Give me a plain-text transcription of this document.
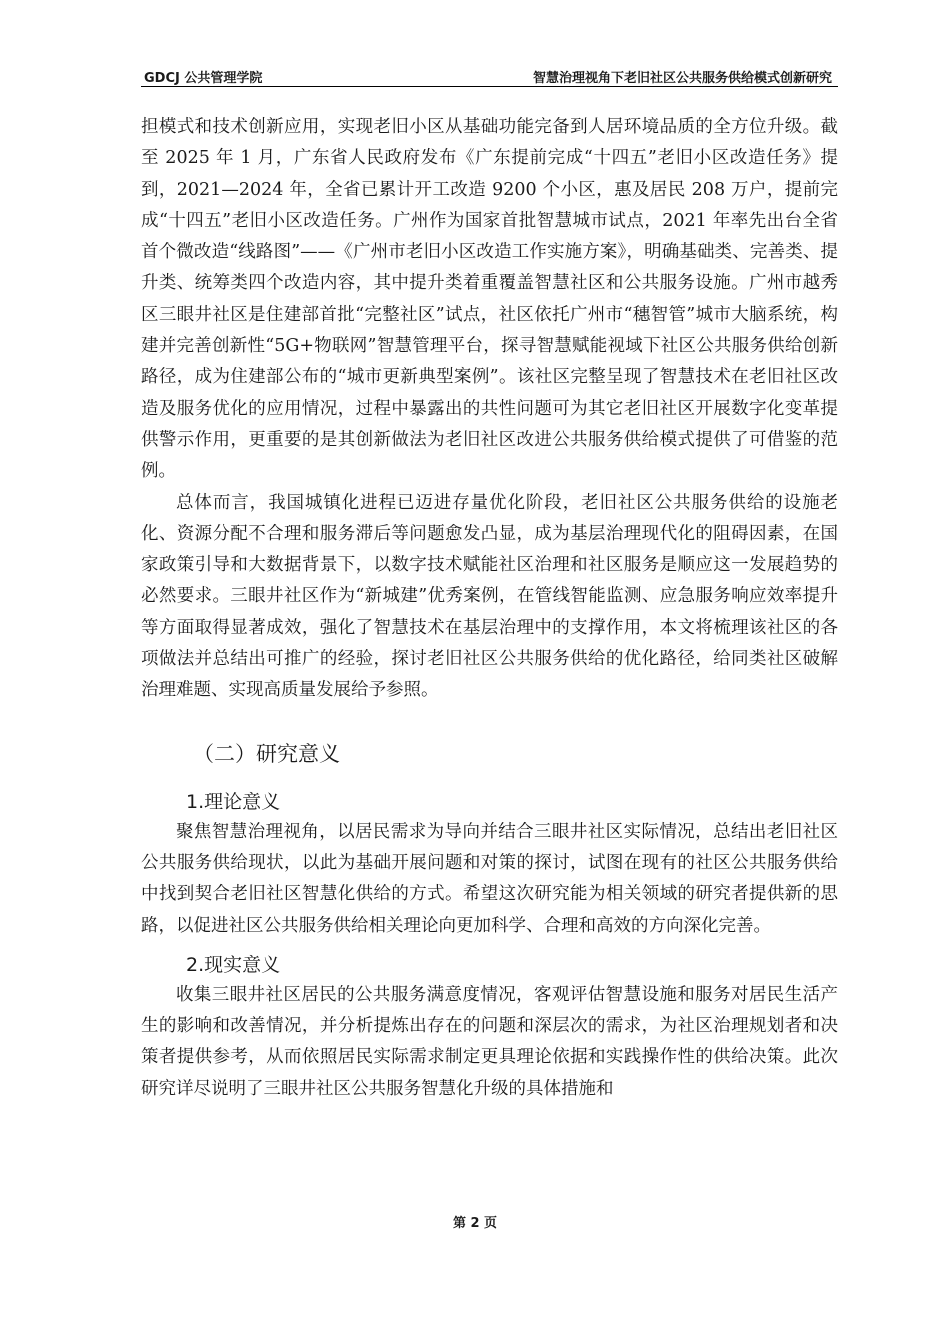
GDCJ 公共管理学院	智慧治理视角下老旧社区公共服务供给模式创新研究

担模式和技术创新应用，实现老旧小区从基础功能完备到人居环境品质的全方位升级。截至 2025 年 1 月，广东省人民政府发布《广东提前完成“十四五”老旧小区改造任务》提到，2021—2024 年，全省已累计开工改造 9200 个小区，惠及居民 208 万户，提前完成“十四五”老旧小区改造任务。广州作为国家首批智慧城市试点，2021 年率先出台全省首个微改造“线路图”——《广州市老旧小区改造工作实施方案》，明确基础类、完善类、提升类、统筹类四个改造内容，其中提升类着重覆盖智慧社区和公共服务设施。广州市越秀区三眼井社区是住建部首批“完整社区”试点，社区依托广州市“穗智管”城市大脑系统，构建并完善创新性“5G+物联网”智慧管理平台，探寻智慧赋能视域下社区公共服务供给创新路径，成为住建部公布的“城市更新典型案例”。该社区完整呈现了智慧技术在老旧社区改造及服务优化的应用情况，过程中暴露出的共性问题可为其它老旧社区开展数字化变革提供警示作用，更重要的是其创新做法为老旧社区改进公共服务供给模式提供了可借鉴的范例。

总体而言，我国城镇化进程已迈进存量优化阶段，老旧社区公共服务供给的设施老化、资源分配不合理和服务滞后等问题愈发凸显，成为基层治理现代化的阻碍因素，在国家政策引导和大数据背景下，以数字技术赋能社区治理和社区服务是顺应这一发展趋势的必然要求。三眼井社区作为“新城建”优秀案例，在管线智能监测、应急服务响应效率提升等方面取得显著成效，强化了智慧技术在基层治理中的支撑作用，本文将梳理该社区的各项做法并总结出可推广的经验，探讨老旧社区公共服务供给的优化路径，给同类社区破解治理难题、实现高质量发展给予参照。

（二）研究意义
1.理论意义

聚焦智慧治理视角，以居民需求为导向并结合三眼井社区实际情况，总结出老旧社区公共服务供给现状，以此为基础开展问题和对策的探讨，试图在现有的社区公共服务供给中找到契合老旧社区智慧化供给的方式。希望这次研究能为相关领域的研究者提供新的思路，以促进社区公共服务供给相关理论向更加科学、合理和高效的方向深化完善。

2.现实意义

收集三眼井社区居民的公共服务满意度情况，客观评估智慧设施和服务对居民生活产生的影响和改善情况，并分析提炼出存在的问题和深层次的需求，为社区治理规划者和决策者提供参考，从而依照居民实际需求制定更具理论依据和实践操作性的供给决策。此次研究详尽说明了三眼井社区公共服务智慧化升级的具体措施和

第 2 页
